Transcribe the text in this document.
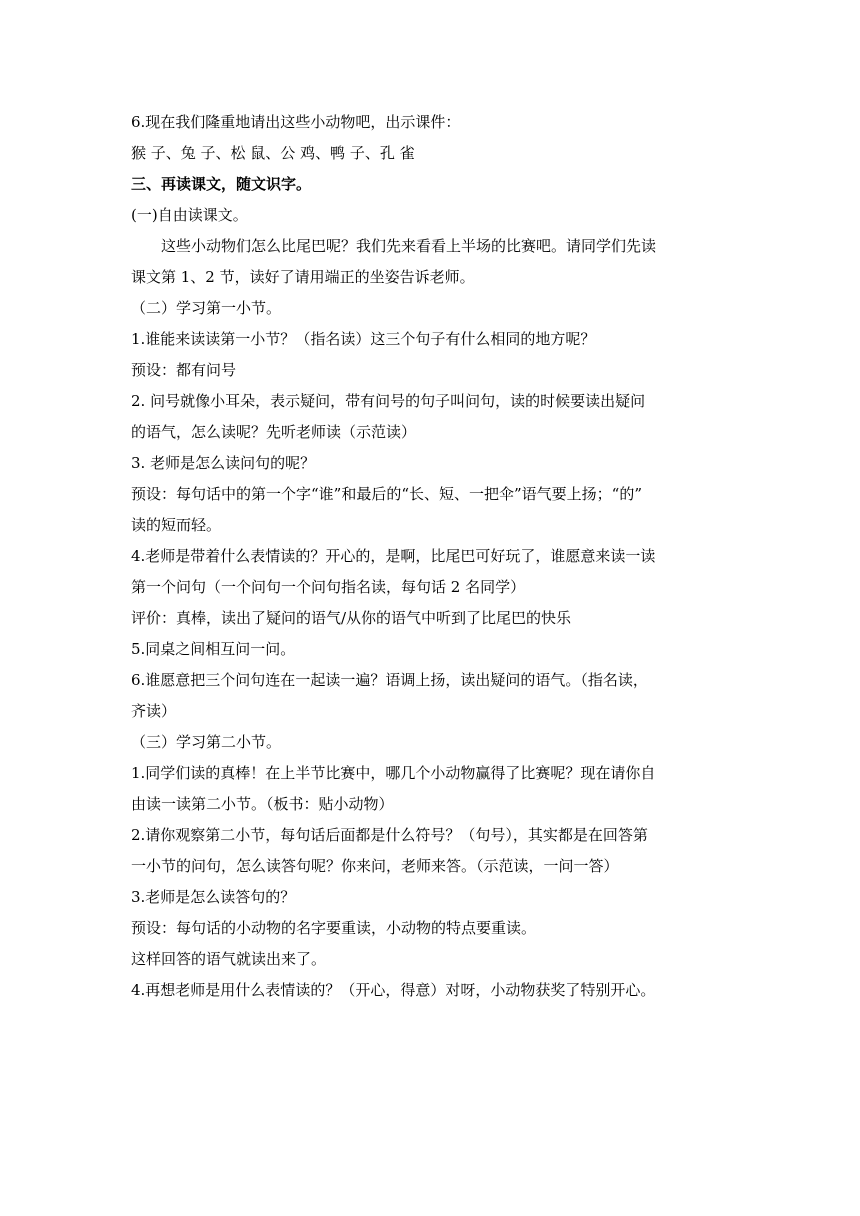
6.现在我们隆重地请出这些小动物吧，出示课件：
猴 子、兔 子、松 鼠、公 鸡、鸭 子、孔 雀
三、再读课文，随文识字。
(一)自由读课文。
这些小动物们怎么比尾巴呢？我们先来看看上半场的比赛吧。请同学们先读
课文第 1、2 节，读好了请用端正的坐姿告诉老师。
（二）学习第一小节。
1.谁能来读读第一小节？（指名读）这三个句子有什么相同的地方呢？
预设：都有问号
2. 问号就像小耳朵，表示疑问，带有问号的句子叫问句，读的时候要读出疑问
的语气，怎么读呢？先听老师读（示范读）
3. 老师是怎么读问句的呢？
预设：每句话中的第一个字“谁”和最后的“长、短、一把伞”语气要上扬；“的”
读的短而轻。
4.老师是带着什么表情读的？开心的，是啊，比尾巴可好玩了，谁愿意来读一读
第一个问句（一个问句一个问句指名读，每句话 2 名同学）
评价：真棒，读出了疑问的语气/从你的语气中听到了比尾巴的快乐
5.同桌之间相互问一问。
6.谁愿意把三个问句连在一起读一遍？语调上扬，读出疑问的语气。（指名读，
齐读）
（三）学习第二小节。
1.同学们读的真棒！在上半节比赛中，哪几个小动物赢得了比赛呢？现在请你自
由读一读第二小节。（板书：贴小动物）
2.请你观察第二小节，每句话后面都是什么符号？（句号），其实都是在回答第
一小节的问句，怎么读答句呢？你来问，老师来答。（示范读，一问一答）
3.老师是怎么读答句的？
预设：每句话的小动物的名字要重读，小动物的特点要重读。
这样回答的语气就读出来了。
4.再想老师是用什么表情读的？（开心，得意）对呀，小动物获奖了特别开心。
